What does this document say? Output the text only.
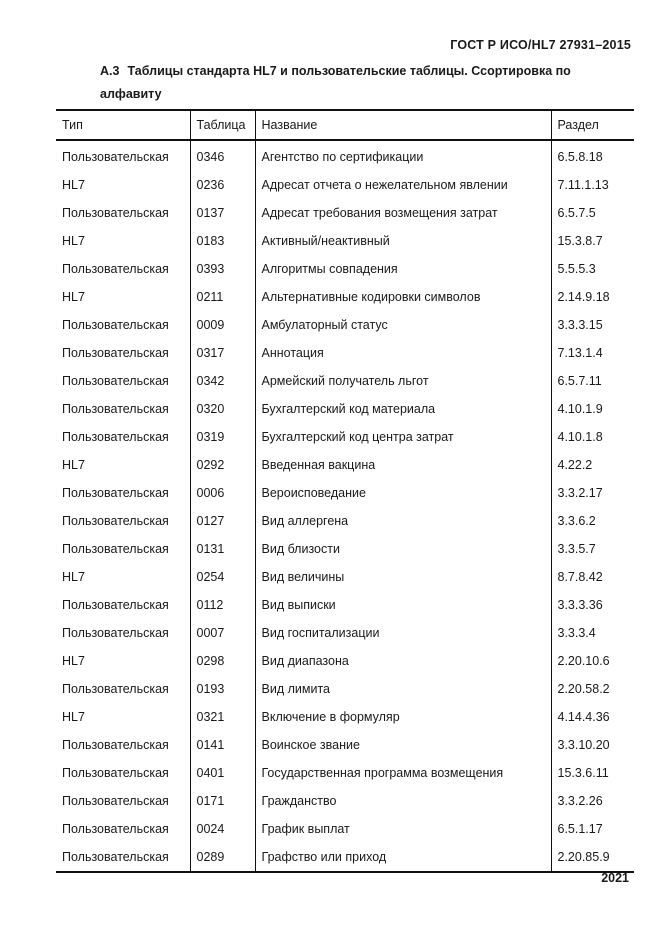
ГОСТ Р ИСО/HL7 27931–2015
А.3 Таблицы стандарта HL7 и пользовательские таблицы. Ссортировка по алфавиту
Тип	Таблица	Название	Раздел
Пользовательская	0346	Агентство по сертификации	6.5.8.18
HL7	0236	Адресат отчета о нежелательном явлении	7.11.1.13
Пользовательская	0137	Адресат требования возмещения затрат	6.5.7.5
HL7	0183	Активный/неактивный	15.3.8.7
Пользовательская	0393	Алгоритмы совпадения	5.5.5.3
HL7	0211	Альтернативные кодировки символов	2.14.9.18
Пользовательская	0009	Амбулаторный статус	3.3.3.15
Пользовательская	0317	Аннотация	7.13.1.4
Пользовательская	0342	Армейский получатель льгот	6.5.7.11
Пользовательская	0320	Бухгалтерский код материала	4.10.1.9
Пользовательская	0319	Бухгалтерский код центра затрат	4.10.1.8
HL7	0292	Введенная вакцина	4.22.2
Пользовательская	0006	Вероисповедание	3.3.2.17
Пользовательская	0127	Вид аллергена	3.3.6.2
Пользовательская	0131	Вид близости	3.3.5.7
HL7	0254	Вид величины	8.7.8.42
Пользовательская	0112	Вид выписки	3.3.3.36
Пользовательская	0007	Вид госпитализации	3.3.3.4
HL7	0298	Вид диапазона	2.20.10.6
Пользовательская	0193	Вид лимита	2.20.58.2
HL7	0321	Включение в формуляр	4.14.4.36
Пользовательская	0141	Воинское звание	3.3.10.20
Пользовательская	0401	Государственная программа возмещения	15.3.6.11
Пользовательская	0171	Гражданство	3.3.2.26
Пользовательская	0024	График выплат	6.5.1.17
Пользовательская	0289	Графство или приход	2.20.85.9
2021
